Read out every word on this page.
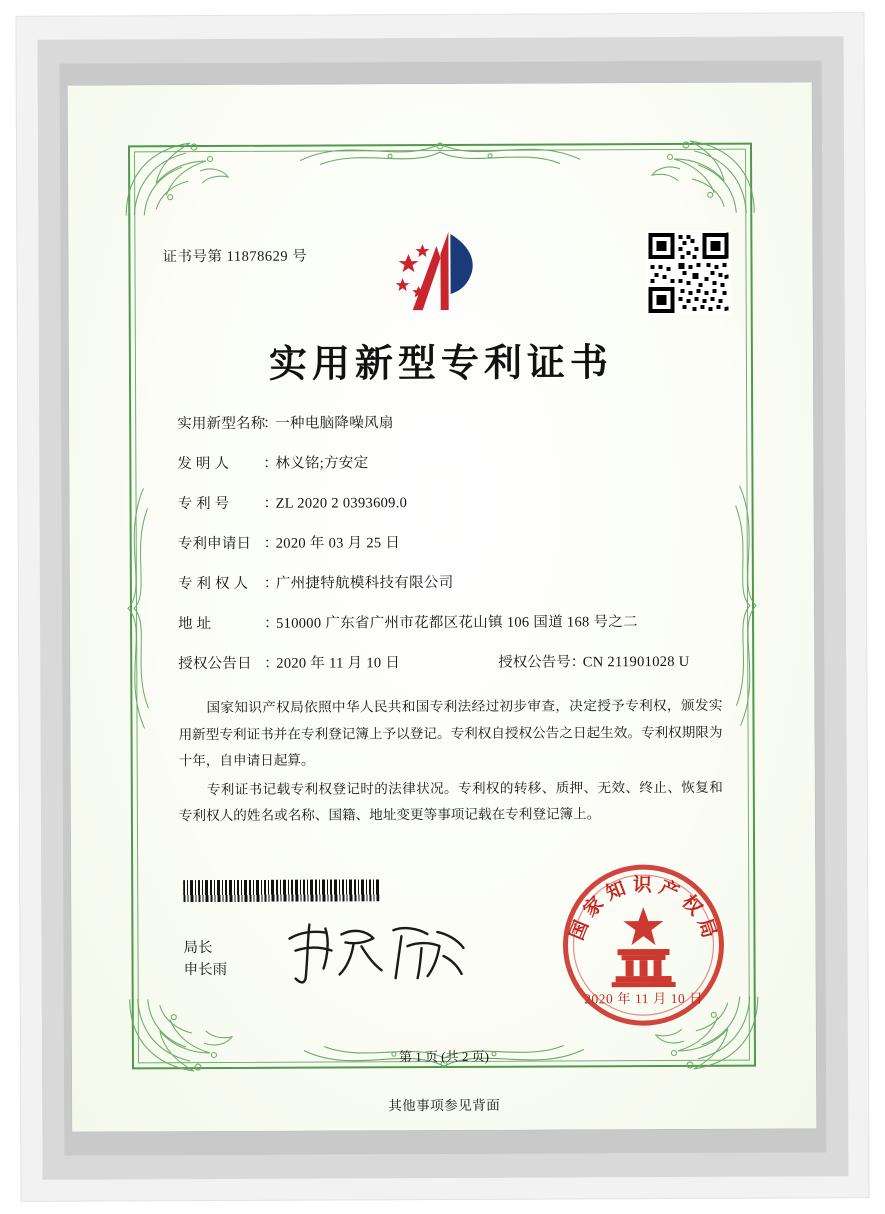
证书号第 11878629 号
实用新型专利证书
实用新型名称
：
一种电脑降噪风扇
发 明 人	：
林义铭;方安定
专 利 号	：
ZL 2020 2 0393609.0
专利申请日 ：
2020 年 03 月 25 日
专 利 权 人	：
广州捷特航模科技有限公司
地 址	：
510000 广东省广州市花都区花山镇 106 国道 168 号之二
授权公告日 ：
2020 年 11 月 10 日	授权公告号 ：
CN 211901028 U

国家知识产权局依照中华人民共和国专利法经过初步审查，决定授予专利权，颁发实用新型专利证书并在专利登记簿上予以登记。专利权自授权公告之日起生效。专利权期限为十年，自申请日起算。

专利证书记载专利权登记时的法律状况。专利权的转移、质押、无效、终止、恢复和专利权人的姓名或名称、国籍、地址变更等事项记载在专利登记簿上。

局长
申长雨
国家知识产权局
2020 年 11 月 10 日
第 1 页 (共 2 页)
其他事项参见背面
